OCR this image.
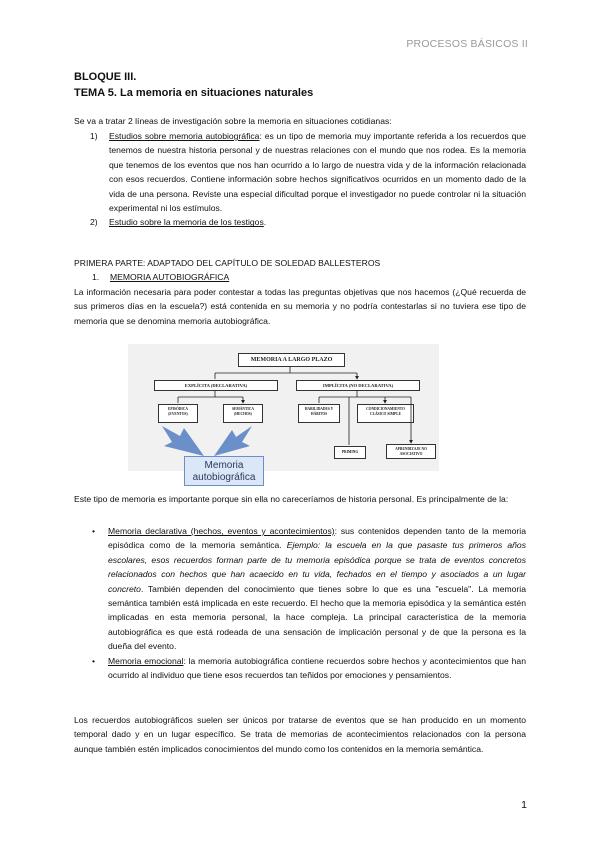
PROCESOS BÁSICOS II
BLOQUE III.
TEMA 5. La memoria en situaciones naturales
Se va a tratar 2 líneas de investigación sobre la memoria en situaciones cotidianas:
1) Estudios sobre memoria autobiográfica: es un tipo de memoria muy importante referida a los recuerdos que tenemos de nuestra historia personal y de nuestras relaciones con el mundo que nos rodea. Es la memoria que tenemos de los eventos que nos han ocurrido a lo largo de nuestra vida y de la información relacionada con esos recuerdos. Contiene información sobre hechos significativos ocurridos en un momento dado de la vida de una persona. Reviste una especial dificultad porque el investigador no puede controlar ni la situación experimental ni los estímulos.
2) Estudio sobre la memoria de los testigos.
PRIMERA PARTE: ADAPTADO DEL CAPÍTULO DE SOLEDAD BALLESTEROS
1. MEMORIA AUTOBIOGRÁFICA
La información necesaria para poder contestar a todas las preguntas objetivas que nos hacemos (¿Qué recuerda de sus primeros días en la escuela?) está contenida en su memoria y no podría contestarlas si no tuviera ese tipo de memoria que se denomina memoria autobiográfica.
MEMORIA A LARGO PLAZO
EXPLÍCITA (DECLARATIVA)	IMPLÍCITA (NO DECLARATIVA)
EPISÓDICA (EVENTOS)
SEMÁNTICA (HECHOS)
HABILIDADES Y HÁBITOS
CONDICIONAMIENTO CLÁSICO SIMPLE
PRIMING
APRENDIZAJE NO ASOCIATIVO
Memoria autobiográfica
Este tipo de memoria es importante porque sin ella no careceríamos de historia personal. Es principalmente de la:
• Memoria declarativa (hechos, eventos y acontecimientos): sus contenidos dependen tanto de la memoria episódica como de la memoria semántica. Ejemplo: la escuela en la que pasaste tus primeros años escolares, esos recuerdos forman parte de tu memoria episódica porque se trata de eventos concretos relacionados con hechos que han acaecido en tu vida, fechados en el tiempo y asociados a un lugar concreto. También dependen del conocimiento que tienes sobre lo que es una "escuela". La memoria semántica también está implicada en este recuerdo. El hecho que la memoria episódica y la semántica estén implicadas en esta memoria personal, la hace compleja. La principal característica de la memoria autobiográfica es que está rodeada de una sensación de implicación personal y de que la persona es la dueña del evento.
• Memoria emocional: la memoria autobiográfica contiene recuerdos sobre hechos y acontecimientos que han ocurrido al individuo que tiene esos recuerdos tan teñidos por emociones y pensamientos.
Los recuerdos autobiográficos suelen ser únicos por tratarse de eventos que se han producido en un momento temporal dado y en un lugar específico. Se trata de memorias de acontecimientos relacionados con la persona aunque también estén implicados conocimientos del mundo como los contenidos en la memoria semántica.
1
